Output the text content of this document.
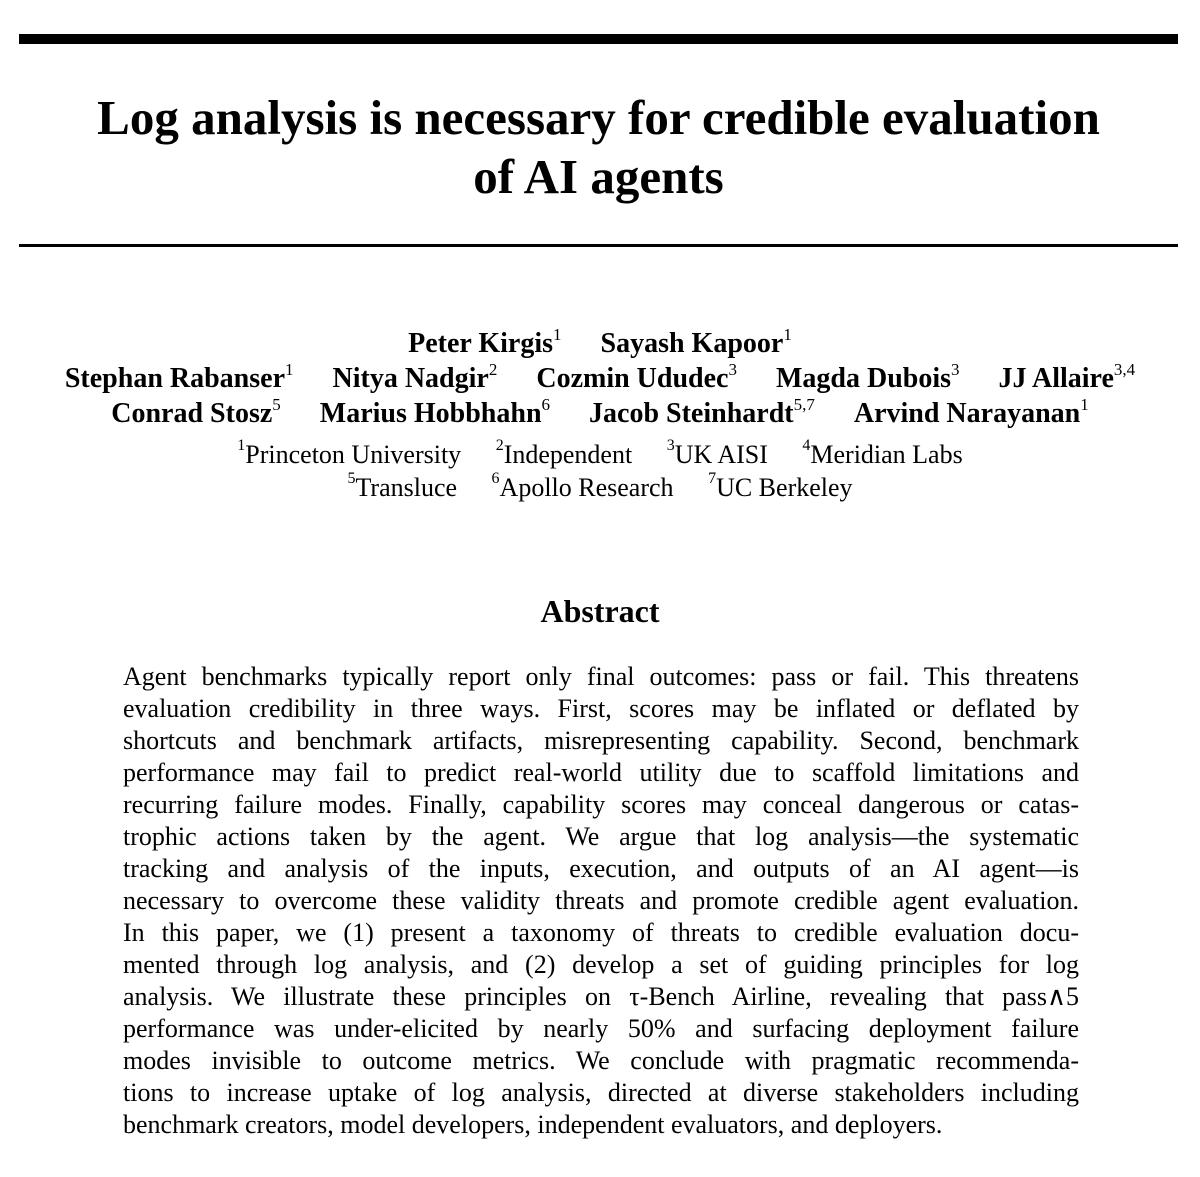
Log analysis is necessary for credible evaluation
of AI agents
Peter Kirgis$^1$ Sayash Kapoor$^1$
Stephan Rabanser$^1$ Nitya Nadgir$^2$ Cozmin Ududec$^3$ Magda Dubois$^3$ JJ Allaire$^{3,4}$
Conrad Stosz$^5$ Marius Hobbhahn$^6$ Jacob Steinhardt$^{5,7}$ Arvind Narayanan$^1$
$^1$Princeton University $^2$Independent $^3$UK AISI $^4$Meridian Labs
$^5$Transluce $^6$Apollo Research $^7$UC Berkeley
Abstract

Agent benchmarks typically report only final outcomes: pass or fail. This threatens
evaluation credibility in three ways. First, scores may be inflated or deflated by
shortcuts and benchmark artifacts, misrepresenting capability. Second, benchmark
performance may fail to predict real-world utility due to scaffold limitations and
recurring failure modes. Finally, capability scores may conceal dangerous or catas-
trophic actions taken by the agent. We argue that log analysis—the systematic
tracking and analysis of the inputs, execution, and outputs of an AI agent—is
necessary to overcome these validity threats and promote credible agent evaluation.
In this paper, we (1) present a taxonomy of threats to credible evaluation docu-
mented through log analysis, and (2) develop a set of guiding principles for log
analysis. We illustrate these principles on τ-Bench Airline, revealing that pass∧5
performance was under-elicited by nearly 50% and surfacing deployment failure
modes invisible to outcome metrics. We conclude with pragmatic recommenda-
tions to increase uptake of log analysis, directed at diverse stakeholders including
benchmark creators, model developers, independent evaluators, and deployers.
